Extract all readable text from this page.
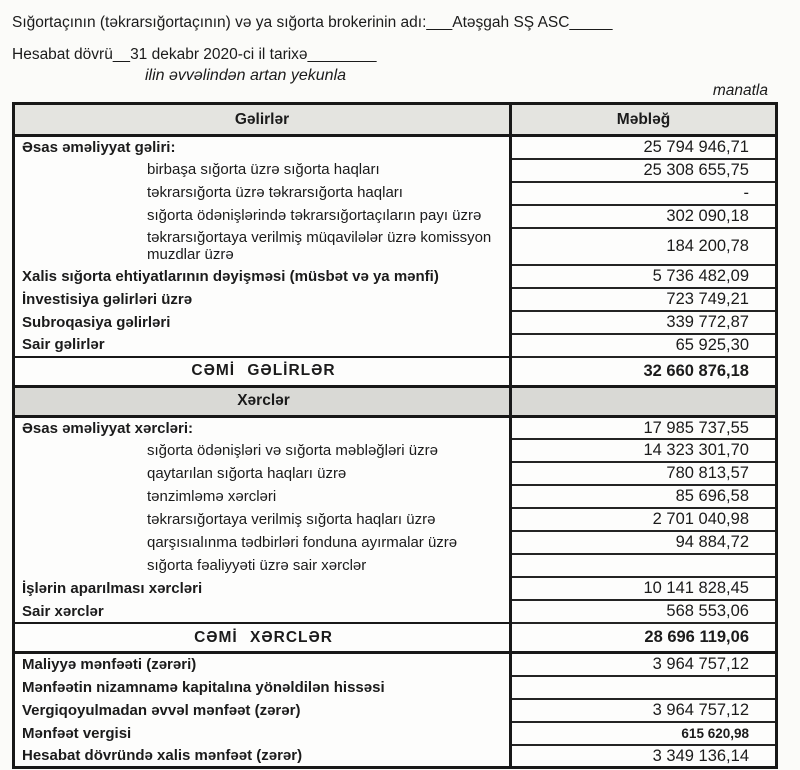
Sığortaçının (təkrarsığortaçının) və ya sığorta brokerinin adı:___Atəşgah SŞ ASC_____
Hesabat dövrü__31 dekabr 2020-ci il tarixə________
ilin əvvəlindən artan yekunla
manatla
Gəlirlər	Məbləğ
Əsas əməliyyat gəliri:	25 794 946,71
birbaşa sığorta üzrə sığorta haqları	25 308 655,75
təkrarsığorta üzrə təkrarsığorta haqları	-
sığorta ödənişlərində təkrarsığortaçıların payı üzrə	302 090,18
təkrarsığortaya verilmiş müqavilələr üzrə komissyon muzdlar üzrə	184 200,78
Xalis sığorta ehtiyatlarının dəyişməsi (müsbət və ya mənfi)	5 736 482,09
İnvestisiya gəlirləri üzrə	723 749,21
Subroqasiya gəlirləri	339 772,87
Sair gəlirlər	65 925,30
CƏMİ GƏLİRLƏR	32 660 876,18
Xərclər	
Əsas əməliyyat xərcləri:	17 985 737,55
sığorta ödənişləri və sığorta məbləğləri üzrə	14 323 301,70
qaytarılan sığorta haqları üzrə	780 813,57
tənzimləmə xərcləri	85 696,58
təkrarsığortaya verilmiş sığorta haqları üzrə	2 701 040,98
qarşısıalınma tədbirləri fonduna ayırmalar üzrə	94 884,72
sığorta fəaliyyəti üzrə sair xərclər	
İşlərin aparılması xərcləri	10 141 828,45
Sair xərclər	568 553,06
CƏMİ XƏRCLƏR	28 696 119,06
Maliyyə mənfəəti (zərəri)	3 964 757,12
Mənfəətin nizamnamə kapitalına yönəldilən hissəsi	
Vergiqoyulmadan əvvəl mənfəət (zərər)	3 964 757,12
Mənfəət vergisi	615 620,98
Hesabat dövründə xalis mənfəət (zərər)	3 349 136,14
